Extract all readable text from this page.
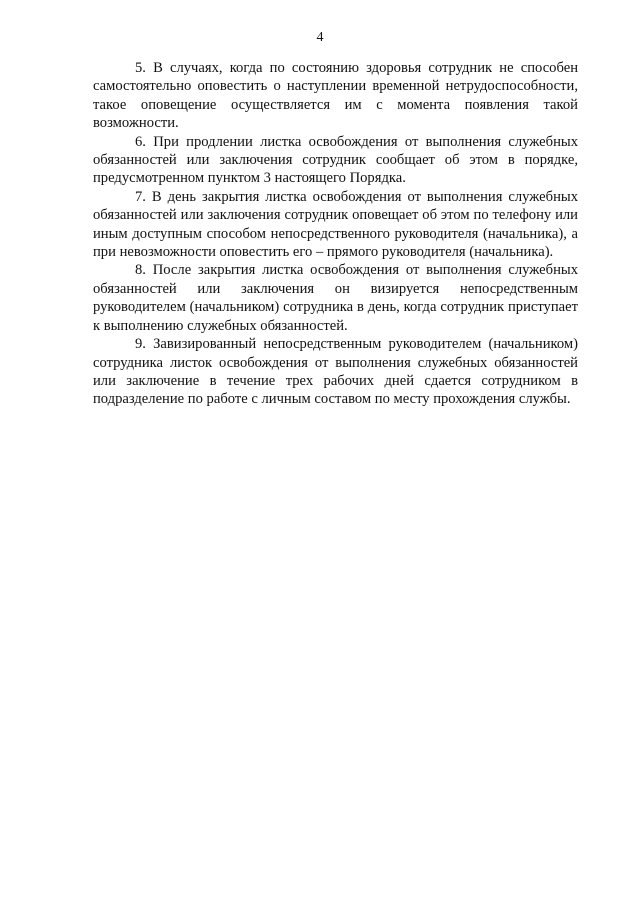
4

5. В случаях, когда по состоянию здоровья сотрудник не способен самостоятельно оповестить о наступлении временной нетрудоспособности, такое оповещение осуществляется им с момента появления такой возможности.

6. При продлении листка освобождения от выполнения служебных обязанностей или заключения сотрудник сообщает об этом в порядке, предусмотренном пунктом 3 настоящего Порядка.

7. В день закрытия листка освобождения от выполнения служебных обязанностей или заключения сотрудник оповещает об этом по телефону или иным доступным способом непосредственного руководителя (начальника), а при невозможности оповестить его – прямого руководителя (начальника).

8. После закрытия листка освобождения от выполнения служебных обязанностей или заключения он визируется непосредственным руководителем (начальником) сотрудника в день, когда сотрудник приступает к выполнению служебных обязанностей.

9. Завизированный непосредственным руководителем (начальником) сотрудника листок освобождения от выполнения служебных обязанностей или заключение в течение трех рабочих дней сдается сотрудником в подразделение по работе с личным составом по месту прохождения службы.
